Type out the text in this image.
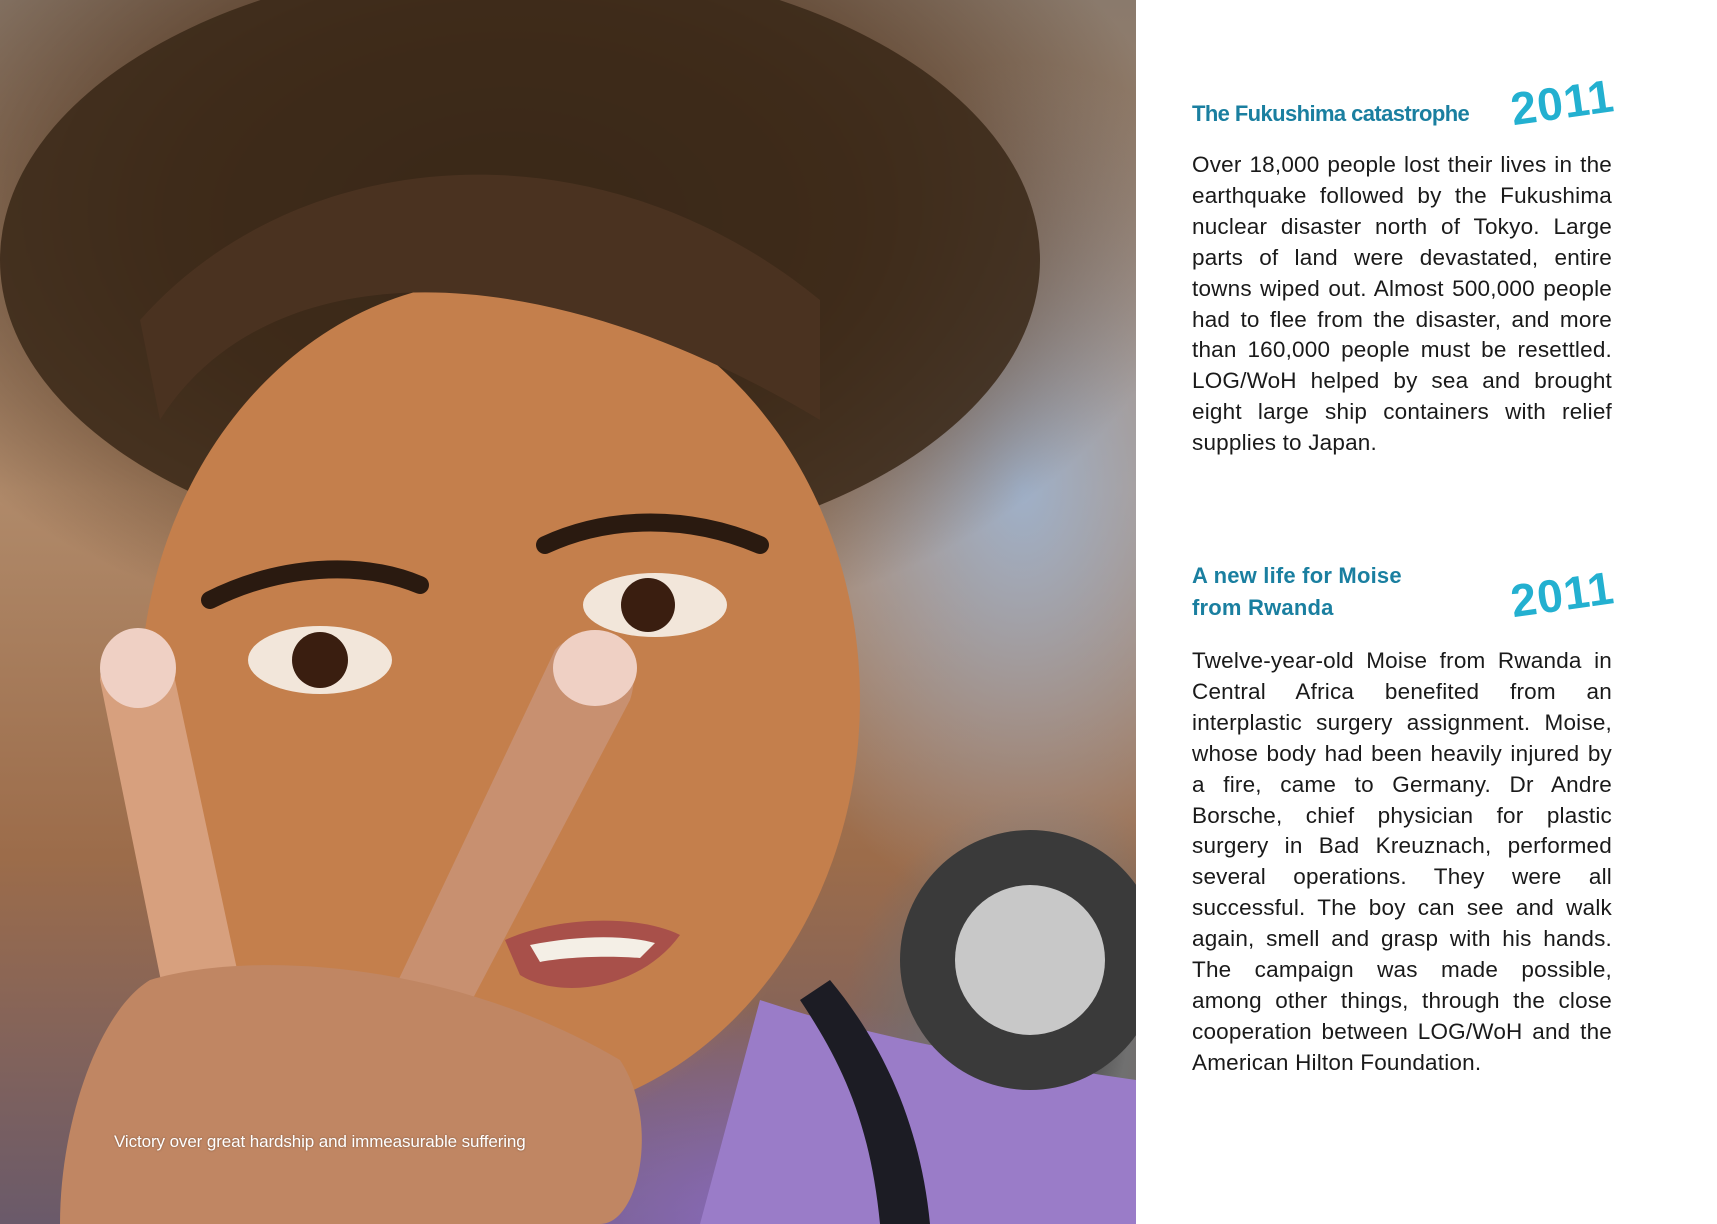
Victory over great hardship and immeasurable suffering
2011
The Fukushima catastrophe
Over 18,000 people lost their lives in the earthquake followed by the Fukushima nuclear disaster north of Tokyo. Large parts of land were devastated, entire towns wiped out. Almost 500,000 people had to flee from the disaster, and more than 160,000 people must be resettled. LOG/WoH helped by sea and brought eight large ship containers with relief supplies to Japan.
2011
A new life for Moise from Rwanda
Twelve-year-old Moise from Rwanda in Central Africa benefited from an interplastic surgery assignment. Moise, whose body had been heavily injured by a fire, came to Germany. Dr Andre Borsche, chief physician for plastic surgery in Bad Kreuznach, performed several operations. They were all successful. The boy can see and walk again, smell and grasp with his hands. The campaign was made possible, among other things, through the close cooperation between LOG/WoH and the American Hilton Foundation.
